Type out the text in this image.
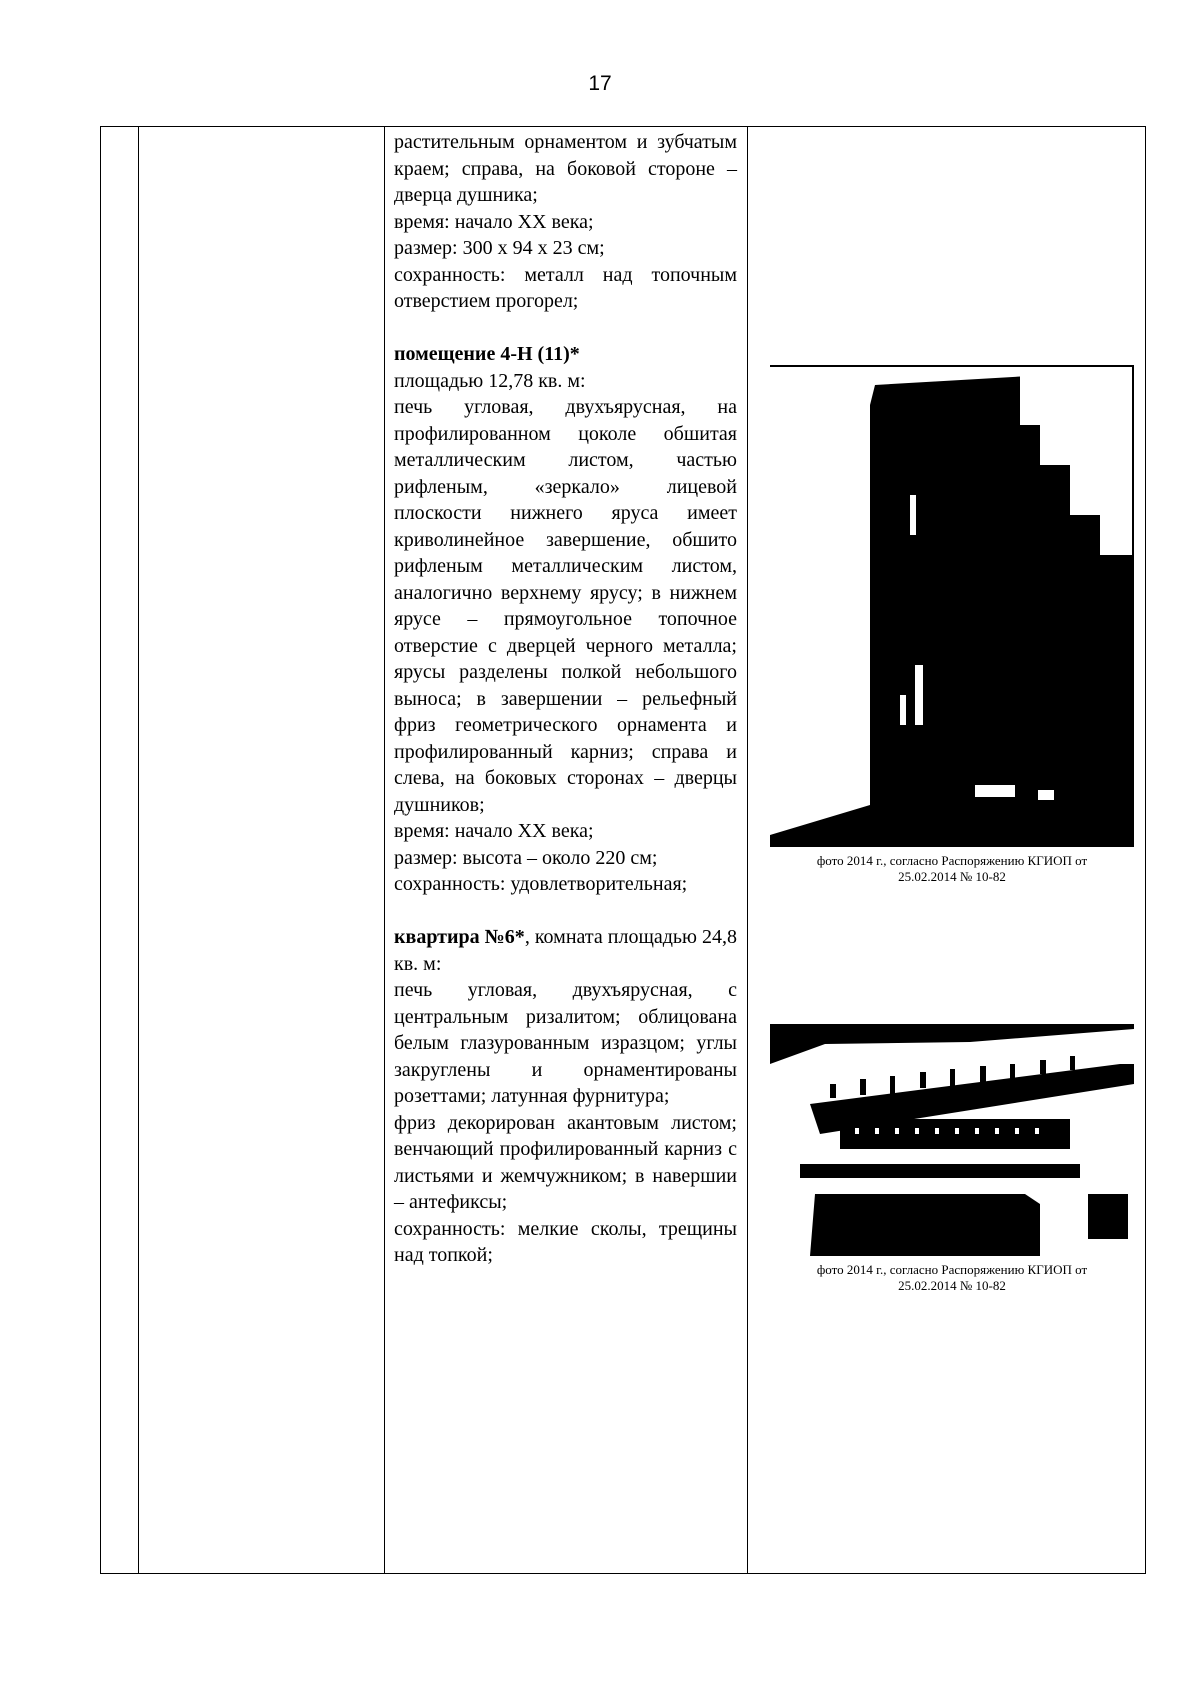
17

растительным орнаментом и зубчатым краем; справа, на боковой стороне – дверца душника;

время: начало XX века;

размер: 300 х 94 х 23 см;

сохранность: металл над топочным отверстием прогорел;

помещение 4-Н (11)*

площадью 12,78 кв. м:

печь угловая, двухъярусная, на профилированном цоколе обшитая металлическим листом, частью рифленым, «зеркало» лицевой плоскости нижнего яруса имеет криволинейное завершение, обшито рифленым металлическим листом, аналогично верхнему ярусу; в нижнем ярусе – прямоугольное топочное отверстие с дверцей черного металла; ярусы разделены полкой небольшого выноса; в завершении – рельефный фриз геометрического орнамента и профилированный карниз; справа и слева, на боковых сторонах – дверцы душников;

время: начало XX века;

размер: высота – около 220 см;

сохранность: удовлетворительная;

квартира №6*, комната площадью 24,8 кв. м:

печь угловая, двухъярусная, с центральным ризалитом; облицована белым глазурованным изразцом; углы закруглены и орнаментированы розеттами; латунная фурнитура;

фриз декорирован акантовым листом; венчающий профилированный карниз с листьями и жемчужником; в навершии – антефиксы;

сохранность: мелкие сколы, трещины над топкой;

фото 2014 г., согласно Распоряжению КГИОП от
25.02.2014 № 10-82
фото 2014 г., согласно Распоряжению КГИОП от
25.02.2014 № 10-82
